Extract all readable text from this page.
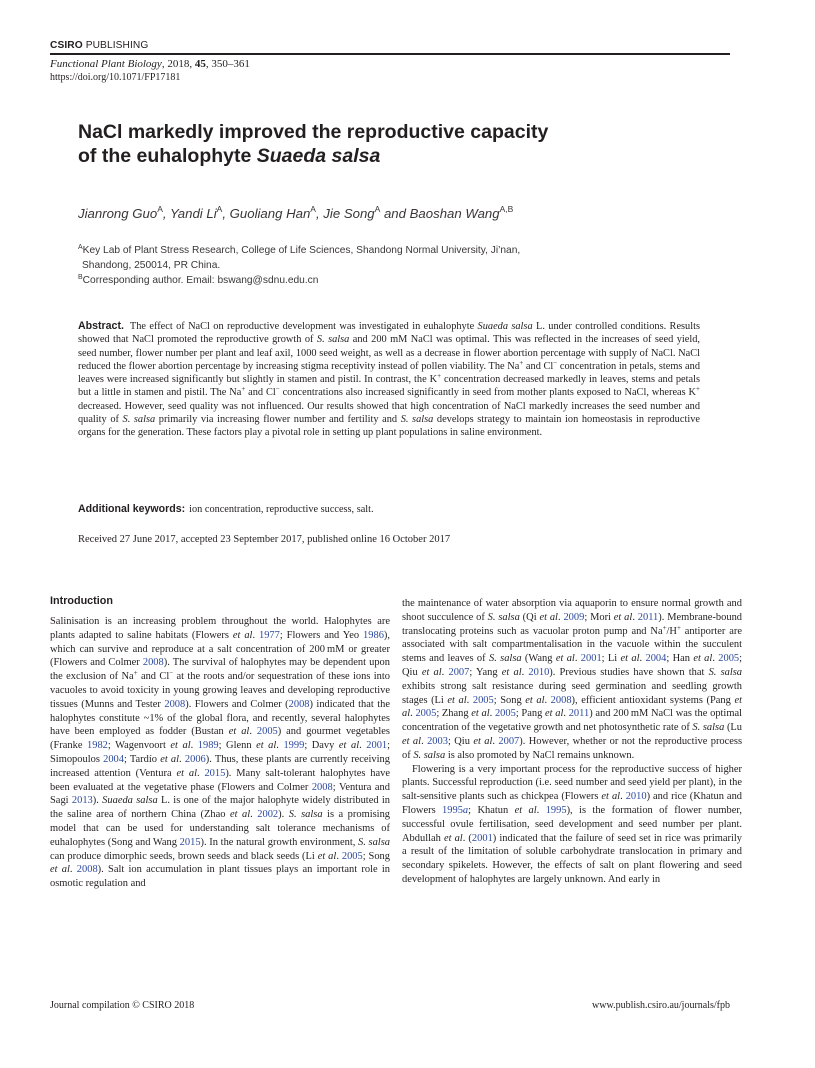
CSIRO PUBLISHING
Functional Plant Biology, 2018, 45, 350–361
https://doi.org/10.1071/FP17181
NaCl markedly improved the reproductive capacity
of the euhalophyte Suaeda salsa
Jianrong Guo$^A$, Yandi $Li^A$, Guoliang Han$^A$, Jie Song$^A$ and Baoshan Wang$^{A,B}$
$^A$Key Lab of Plant Stress Research, College of Life Sciences, Shandong Normal University, Ji’nan,
Shandong, 250014, PR China.
$^B$Corresponding author. Email: bswang@sdnu.edu.cn
Abstract. The effect of NaCl on reproductive development was investigated in euhalophyte Suaeda salsa L. under controlled conditions. Results showed that NaCl promoted the reproductive growth of S. salsa and 200 mM NaCl was optimal. This was reflected in the increases of seed yield, seed number, flower number per plant and leaf axil, 1000 seed weight, as well as a decrease in flower abortion percentage with supply of NaCl. NaCl reduced the flower abortion percentage by increasing stigma receptivity instead of pollen viability. The Na+ and Cl− concentration in petals, stems and leaves were increased significantly but slightly in stamen and pistil. In contrast, the K+ concentration decreased markedly in leaves, stems and petals but a little in stamen and pistil. The Na+ and Cl− concentrations also increased significantly in seed from mother plants exposed to NaCl, whereas K+ decreased. However, seed quality was not influenced. Our results showed that high concentration of NaCl markedly increases the seed number and quality of S. salsa primarily via increasing flower number and fertility and S. salsa develops strategy to maintain ion homeostasis in reproductive organs for the generation. These factors play a pivotal role in setting up plant populations in saline environment.
Additional keywords: ion concentration, reproductive success, salt.
Received 27 June 2017, accepted 23 September 2017, published online 16 October 2017
Introduction

Salinisation is an increasing problem throughout the world. Halophytes are plants adapted to saline habitats (Flowers et al. 1977; Flowers and Yeo 1986), which can survive and reproduce at a salt concentration of 200 mM or greater (Flowers and Colmer 2008). The survival of halophytes may be dependent upon the exclusion of Na+ and Cl− at the roots and/or sequestration of these ions into vacuoles to avoid toxicity in young growing leaves and developing reproductive tissues (Munns and Tester 2008). Flowers and Colmer (2008) indicated that the halophytes constitute ~1% of the global flora, and recently, several halophytes have been employed as fodder (Bustan et al. 2005) and gourmet vegetables (Franke 1982; Wagenvoort et al. 1989; Glenn et al. 1999; Davy et al. 2001; Simopoulos 2004; Tardío et al. 2006). Thus, these plants are currently receiving increased attention (Ventura et al. 2015). Many salt-tolerant halophytes have been evaluated at the vegetative phase (Flowers and Colmer 2008; Ventura and Sagi 2013). Suaeda salsa L. is one of the major halophyte widely distributed in the saline area of northern China (Zhao et al. 2002). S. salsa is a promising model that can be used for understanding salt tolerance mechanisms of euhalophytes (Song and Wang 2015). In the natural growth environment, S. salsa can produce dimorphic seeds, brown seeds and black seeds (Li et al. 2005; Song et al. 2008). Salt ion accumulation in plant tissues plays an important role in osmotic regulation and

the maintenance of water absorption via aquaporin to ensure normal growth and shoot succulence of S. salsa (Qi et al. 2009; Mori et al. 2011). Membrane-bound translocating proteins such as vacuolar proton pump and Na+/H+ antiporter are associated with salt compartmentalisation in the vacuole within the succulent stems and leaves of S. salsa (Wang et al. 2001; Li et al. 2004; Han et al. 2005; Qiu et al. 2007; Yang et al. 2010). Previous studies have shown that S. salsa exhibits strong salt resistance during seed germination and seedling growth stages (Li et al. 2005; Song et al. 2008), efficient antioxidant systems (Pang et al. 2005; Zhang et al. 2005; Pang et al. 2011) and 200 mM NaCl was the optimal concentration of the vegetative growth and net photosynthetic rate of S. salsa (Lu et al. 2003; Qiu et al. 2007). However, whether or not the reproductive process of S. salsa is also promoted by NaCl remains unknown.

Flowering is a very important process for the reproductive success of higher plants. Successful reproduction (i.e. seed number and seed yield per plant), in the salt-sensitive plants such as chickpea (Flowers et al. 2010) and rice (Khatun and Flowers 1995a; Khatun et al. 1995), is the formation of flower number, successful ovule fertilisation, seed development and seed number per plant. Abdullah et al. (2001) indicated that the failure of seed set in rice was primarily a result of the limitation of soluble carbohydrate translocation in primary and secondary spikelets. However, the effects of salt on plant flowering and seed development of halophytes are largely unknown. And early in

Journal compilation © CSIRO 2018	www.publish.csiro.au/journals/fpb
